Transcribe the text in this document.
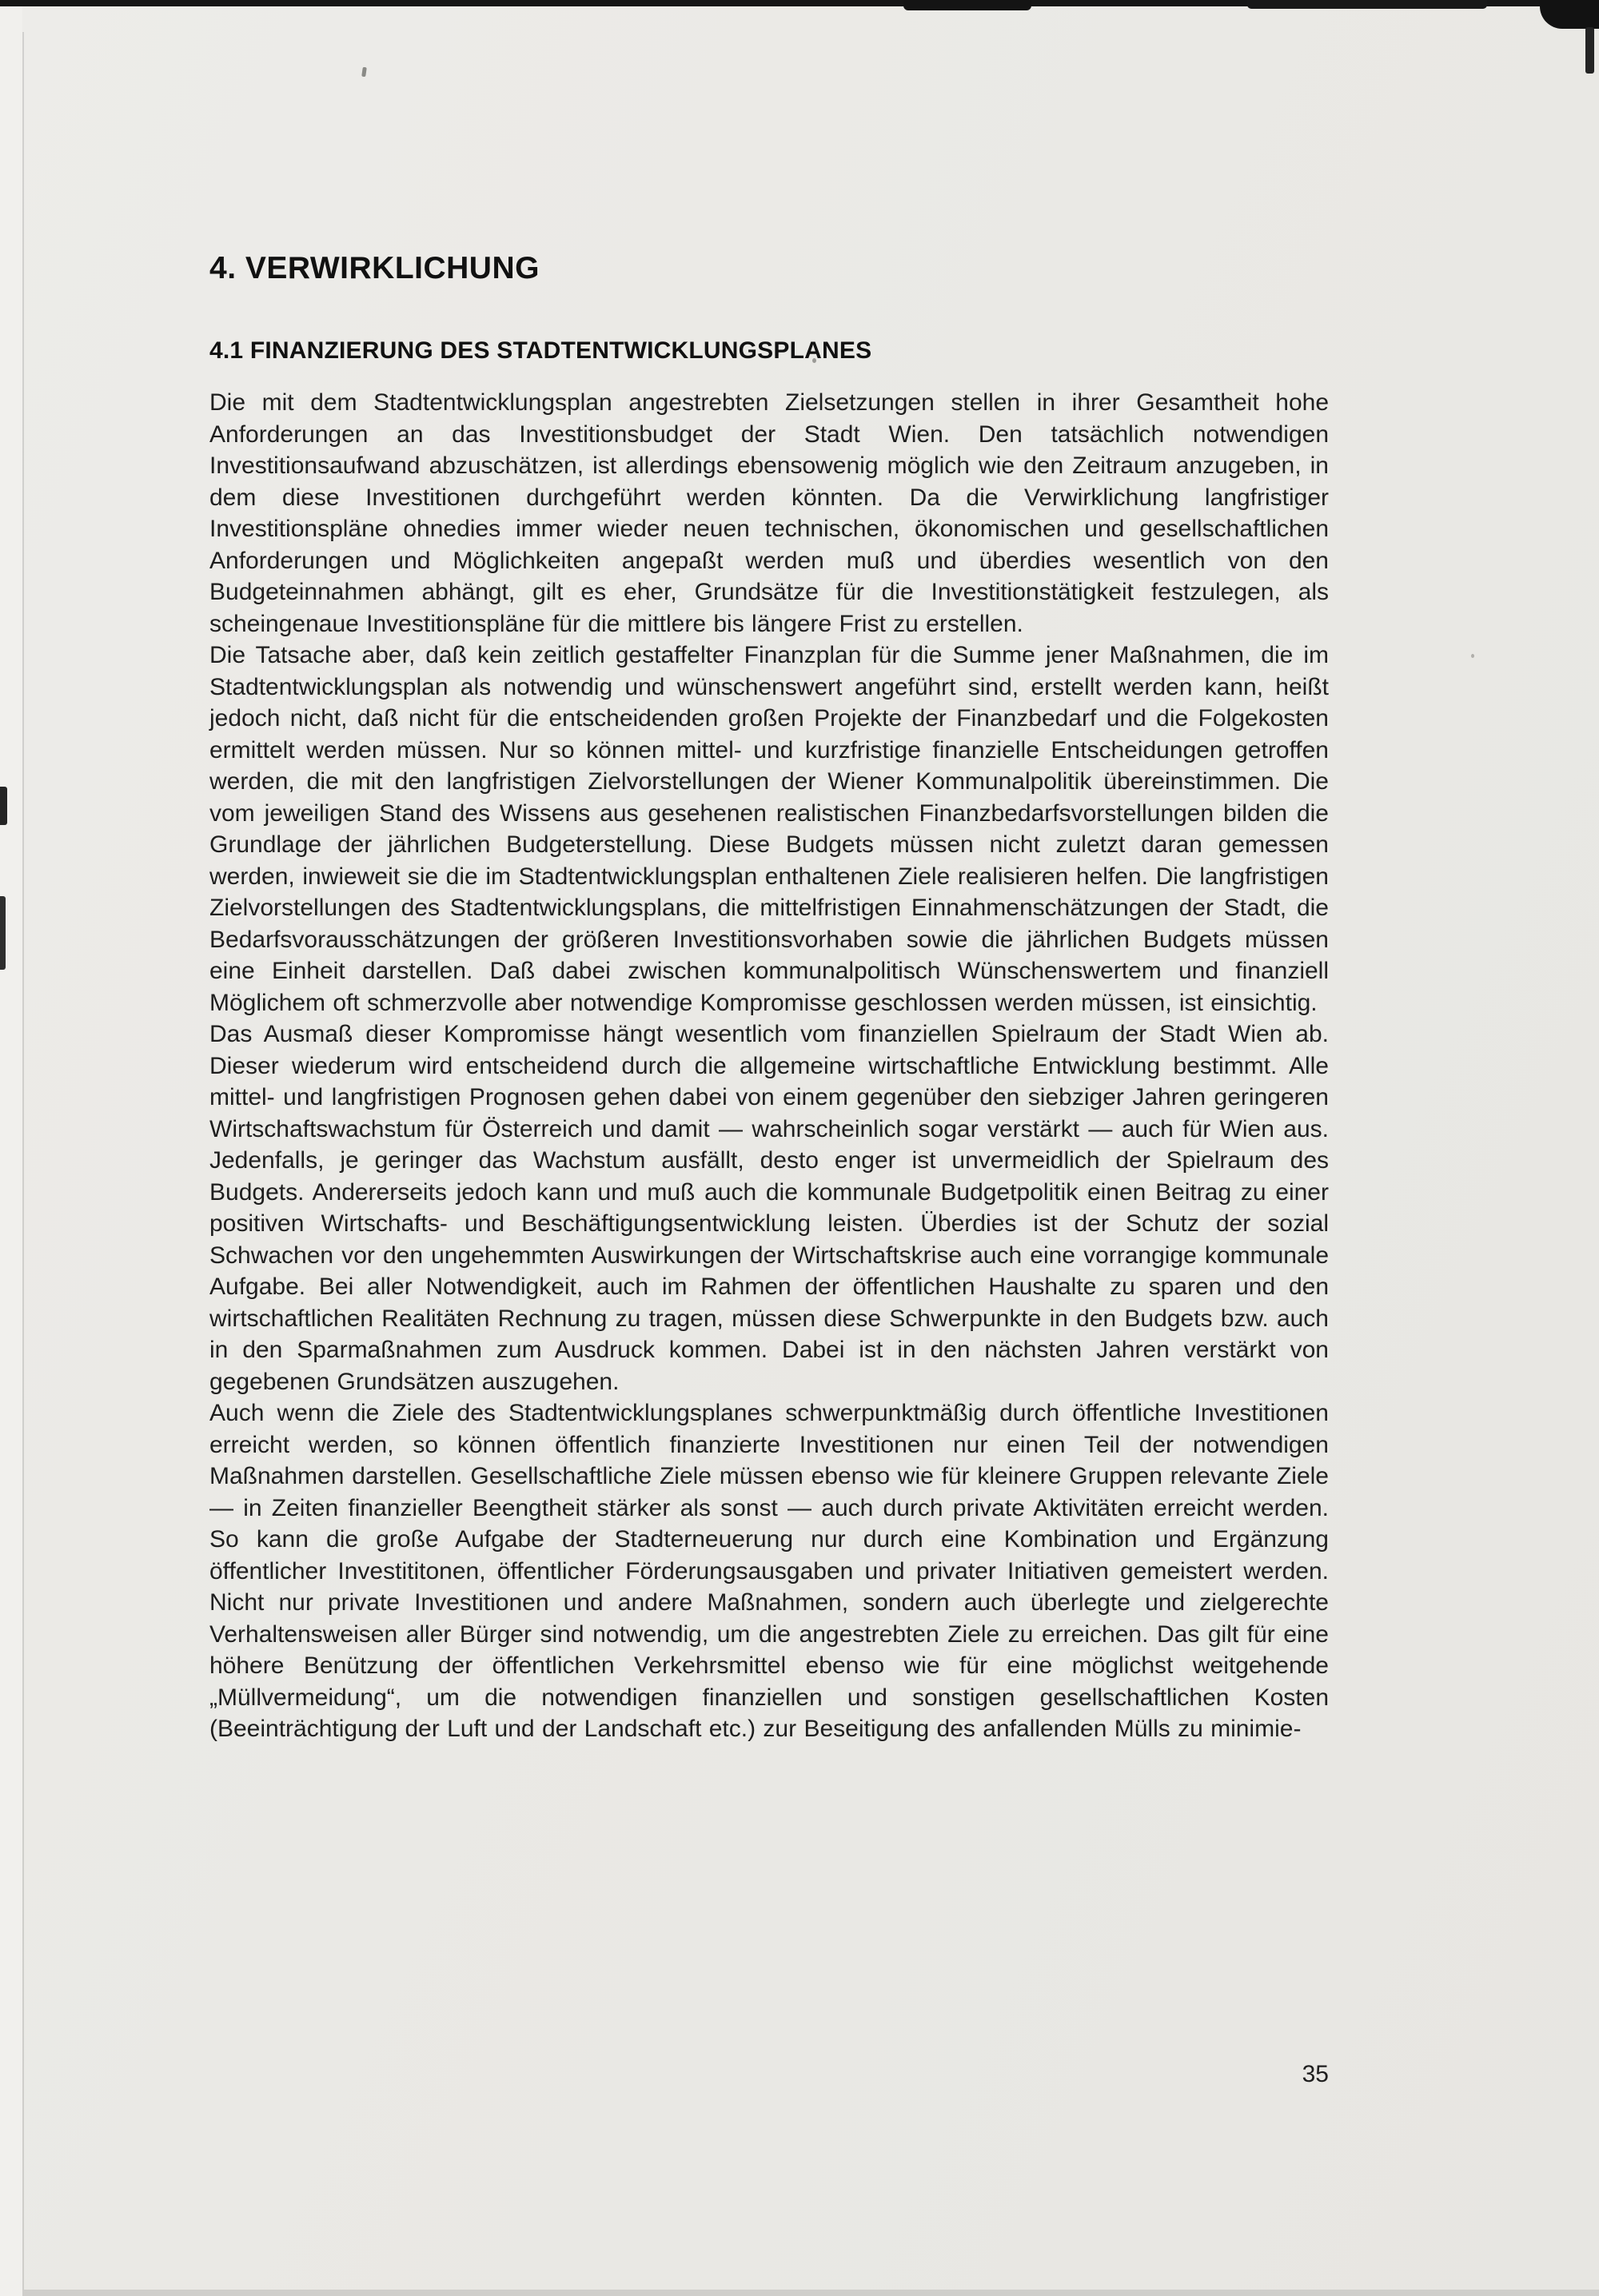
4. VERWIRKLICHUNG
4.1 FINANZIERUNG DES STADTENTWICKLUNGSPLANES

Die mit dem Stadtentwicklungsplan angestrebten Zielsetzungen stellen in ihrer Gesamtheit hohe Anforderungen an das Investitionsbudget der Stadt Wien. Den tatsächlich notwendigen Investitionsaufwand abzuschätzen, ist allerdings ebensowenig möglich wie den Zeitraum anzugeben, in dem diese Investitionen durchgeführt werden könnten. Da die Verwirklichung langfristiger Investitionspläne ohnedies immer wieder neuen technischen, ökonomischen und gesellschaftlichen Anforderungen und Möglichkeiten angepaßt werden muß und überdies wesentlich von den Budgeteinnahmen abhängt, gilt es eher, Grundsätze für die Investitionstätigkeit festzulegen, als scheingenaue Investitionspläne für die mittlere bis längere Frist zu erstellen.

Die Tatsache aber, daß kein zeitlich gestaffelter Finanzplan für die Summe jener Maßnahmen, die im Stadtentwicklungsplan als notwendig und wünschenswert angeführt sind, erstellt werden kann, heißt jedoch nicht, daß nicht für die entscheidenden großen Projekte der Finanzbedarf und die Folgekosten ermittelt werden müssen. Nur so können mittel- und kurzfristige finanzielle Entscheidungen getroffen werden, die mit den langfristigen Zielvorstellungen der Wiener Kommunalpolitik übereinstimmen. Die vom jeweiligen Stand des Wissens aus gesehenen realistischen Finanzbedarfsvorstellungen bilden die Grundlage der jährlichen Budgeterstellung. Diese Budgets müssen nicht zuletzt daran gemessen werden, inwieweit sie die im Stadtentwicklungsplan enthaltenen Ziele realisieren helfen. Die langfristigen Zielvorstellungen des Stadtentwicklungsplans, die mittelfristigen Einnahmenschätzungen der Stadt, die Bedarfsvorausschätzungen der größeren Investitionsvorhaben sowie die jährlichen Budgets müssen eine Einheit darstellen. Daß dabei zwischen kommunalpolitisch Wünschenswertem und finanziell Möglichem oft schmerzvolle aber notwendige Kompromisse geschlossen werden müssen, ist einsichtig.

Das Ausmaß dieser Kompromisse hängt wesentlich vom finanziellen Spielraum der Stadt Wien ab. Dieser wiederum wird entscheidend durch die allgemeine wirtschaftliche Entwicklung bestimmt. Alle mittel- und langfristigen Prognosen gehen dabei von einem gegenüber den siebziger Jahren geringeren Wirtschaftswachstum für Österreich und damit — wahrscheinlich sogar verstärkt — auch für Wien aus. Jedenfalls, je geringer das Wachstum ausfällt, desto enger ist unvermeidlich der Spielraum des Budgets. Andererseits jedoch kann und muß auch die kommunale Budgetpolitik einen Beitrag zu einer positiven Wirtschafts- und Beschäftigungsentwicklung leisten. Überdies ist der Schutz der sozial Schwachen vor den ungehemmten Auswirkungen der Wirtschaftskrise auch eine vorrangige kommunale Aufgabe. Bei aller Notwendigkeit, auch im Rahmen der öffentlichen Haushalte zu sparen und den wirtschaftlichen Realitäten Rechnung zu tragen, müssen diese Schwerpunkte in den Budgets bzw. auch in den Sparmaßnahmen zum Ausdruck kommen. Dabei ist in den nächsten Jahren verstärkt von gegebenen Grundsätzen auszugehen.

Auch wenn die Ziele des Stadtentwicklungsplanes schwerpunktmäßig durch öffentliche Investitionen erreicht werden, so können öffentlich finanzierte Investitionen nur einen Teil der notwendigen Maßnahmen darstellen. Gesellschaftliche Ziele müssen ebenso wie für kleinere Gruppen relevante Ziele — in Zeiten finanzieller Beengtheit stärker als sonst — auch durch private Aktivitäten erreicht werden. So kann die große Aufgabe der Stadterneuerung nur durch eine Kombination und Ergänzung öffentlicher Investititonen, öffentlicher Förderungsausgaben und privater Initiativen gemeistert werden. Nicht nur private Investitionen und andere Maßnahmen, sondern auch überlegte und zielgerechte Verhaltensweisen aller Bürger sind notwendig, um die angestrebten Ziele zu erreichen. Das gilt für eine höhere Benützung der öffentlichen Verkehrsmittel ebenso wie für eine möglichst weitgehende „Müllvermeidung“, um die notwendigen finanziellen und sonstigen gesellschaftlichen Kosten (Beeinträchtigung der Luft und der Landschaft etc.) zur Beseitigung des anfallenden Mülls zu minimie-

35
